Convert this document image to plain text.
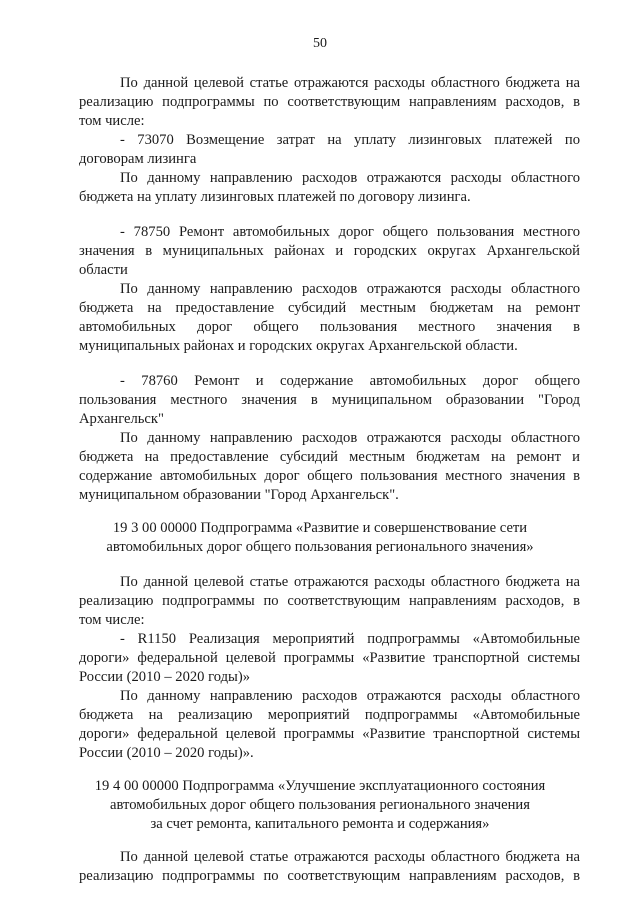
50
По данной целевой статье отражаются расходы областного бюджета на
реализацию подпрограммы по соответствующим направлениям расходов, в
том числе:
- 73070 Возмещение затрат на уплату лизинговых платежей по
договорам лизинга
По данному направлению расходов отражаются расходы областного
бюджета на уплату лизинговых платежей по договору лизинга.
- 78750 Ремонт автомобильных дорог общего пользования местного
значения в муниципальных районах и городских округах Архангельской
области
По данному направлению расходов отражаются расходы областного
бюджета на предоставление субсидий местным бюджетам на ремонт
автомобильных дорог общего пользования местного значения в
муниципальных районах и городских округах Архангельской области.
- 78760 Ремонт и содержание автомобильных дорог общего
пользования местного значения в муниципальном образовании "Город
Архангельск"
По данному направлению расходов отражаются расходы областного
бюджета на предоставление субсидий местным бюджетам на ремонт и
содержание автомобильных дорог общего пользования местного значения в
муниципальном образовании "Город Архангельск".
19 3 00 00000 Подпрограмма «Развитие и совершенствование сети
автомобильных дорог общего пользования регионального значения»
По данной целевой статье отражаются расходы областного бюджета на
реализацию подпрограммы по соответствующим направлениям расходов, в
том числе:
- R1150 Реализация мероприятий подпрограммы «Автомобильные
дороги» федеральной целевой программы «Развитие транспортной системы
России (2010 – 2020 годы)»
По данному направлению расходов отражаются расходы областного
бюджета на реализацию мероприятий подпрограммы «Автомобильные
дороги» федеральной целевой программы «Развитие транспортной системы
России (2010 – 2020 годы)».
19 4 00 00000 Подпрограмма «Улучшение эксплуатационного состояния
автомобильных дорог общего пользования регионального значения
за счет ремонта, капитального ремонта и содержания»
По данной целевой статье отражаются расходы областного бюджета на
реализацию подпрограммы по соответствующим направлениям расходов, в
